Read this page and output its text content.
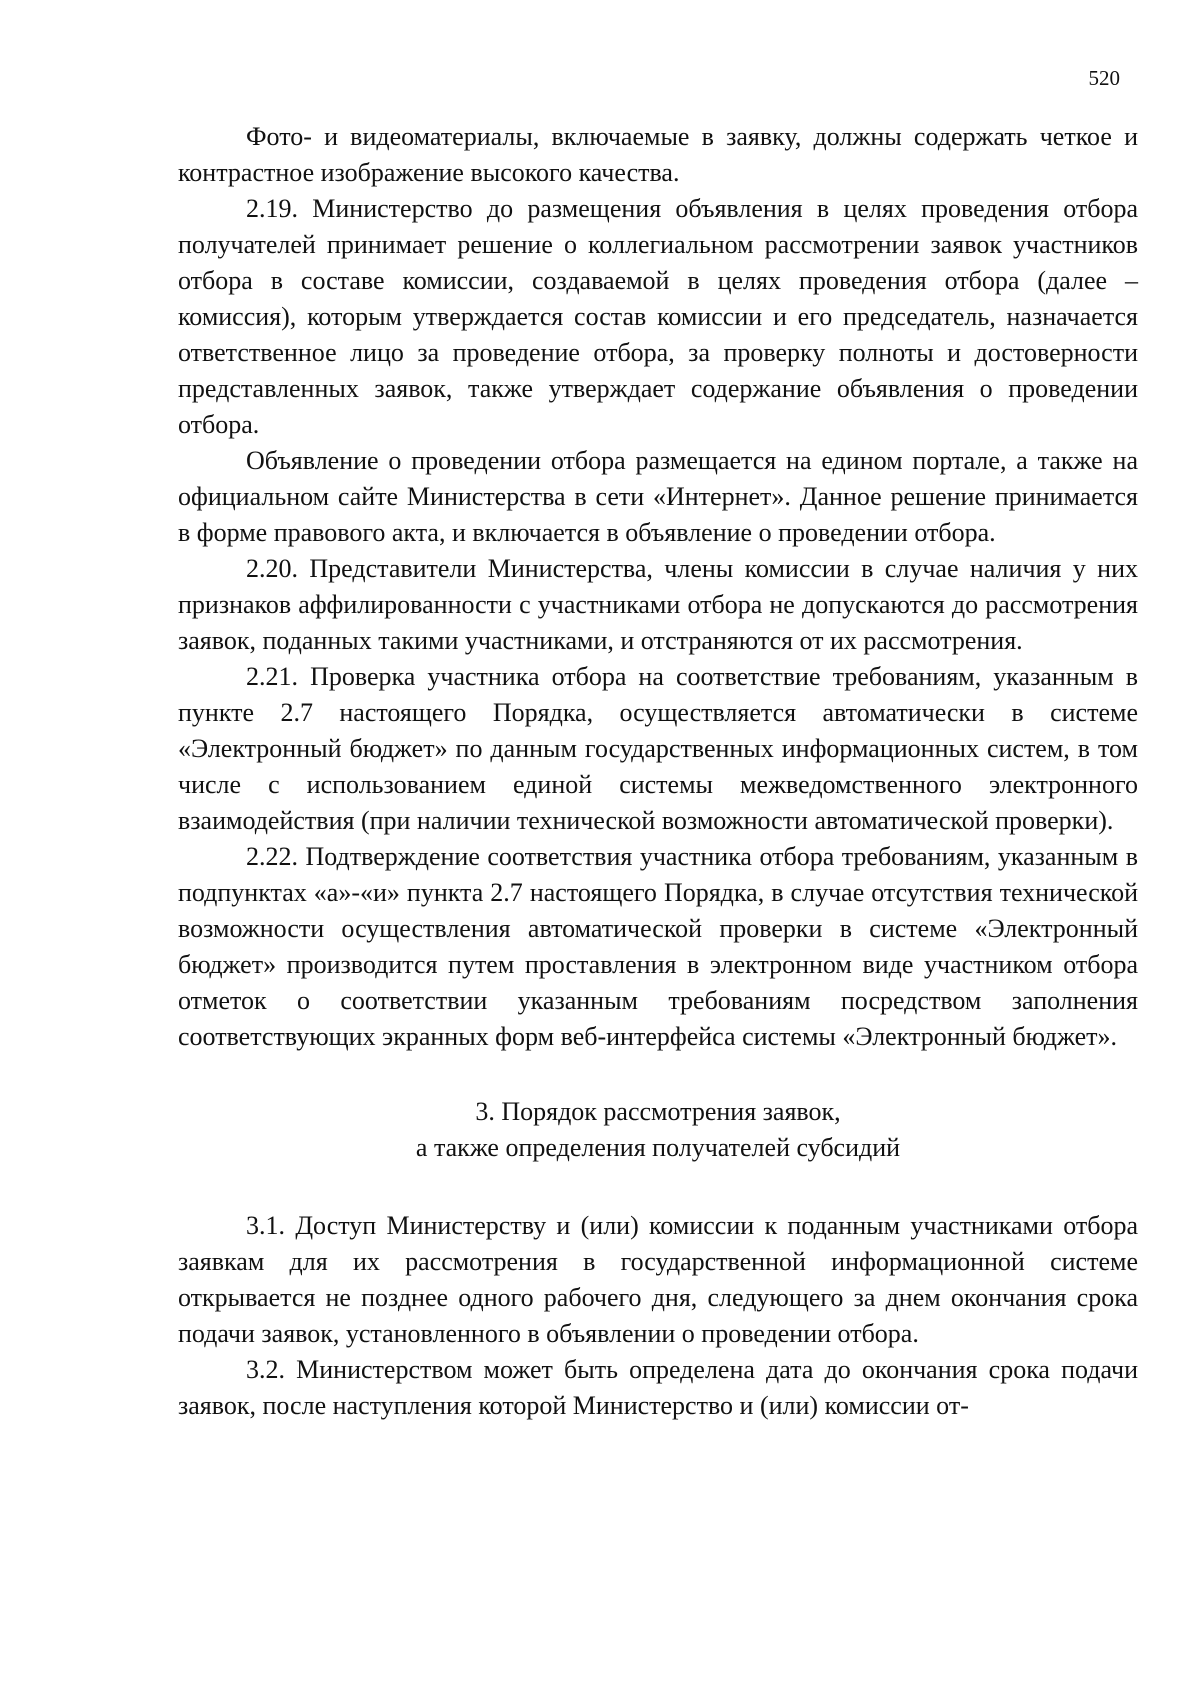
520

Фото- и видеоматериалы, включаемые в заявку, должны содержать четкое и контрастное изображение высокого качества.

2.19. Министерство до размещения объявления в целях проведения отбора получателей принимает решение о коллегиальном рассмотрении заявок участников отбора в составе комиссии, создаваемой в целях проведения отбора (далее – комиссия), которым утверждается состав комиссии и его председатель, назначается ответственное лицо за проведение отбора, за проверку полноты и достоверности представленных заявок, также утверждает содержание объявления о проведении отбора.

Объявление о проведении отбора размещается на едином портале, а также на официальном сайте Министерства в сети «Интернет». Данное решение принимается в форме правового акта, и включается в объявление о проведении отбора.

2.20. Представители Министерства, члены комиссии в случае наличия у них признаков аффилированности с участниками отбора не допускаются до рассмотрения заявок, поданных такими участниками, и отстраняются от их рассмотрения.

2.21. Проверка участника отбора на соответствие требованиям, указанным в пункте 2.7 настоящего Порядка, осуществляется автоматически в системе «Электронный бюджет» по данным государственных информационных систем, в том числе с использованием единой системы межведомственного электронного взаимодействия (при наличии технической возможности автоматической проверки).

2.22. Подтверждение соответствия участника отбора требованиям, указанным в подпунктах «а»-«и» пункта 2.7 настоящего Порядка, в случае отсутствия технической возможности осуществления автоматической проверки в системе «Электронный бюджет» производится путем проставления в электронном виде участником отбора отметок о соответствии указанным требованиям посредством заполнения соответствующих экранных форм веб-интерфейса системы «Электронный бюджет».

3. Порядок рассмотрения заявок,
а также определения получателей субсидий

3.1. Доступ Министерству и (или) комиссии к поданным участниками отбора заявкам для их рассмотрения в государственной информационной системе открывается не позднее одного рабочего дня, следующего за днем окончания срока подачи заявок, установленного в объявлении о проведении отбора.

3.2. Министерством может быть определена дата до окончания срока подачи заявок, после наступления которой Министерство и (или) комиссии от-
